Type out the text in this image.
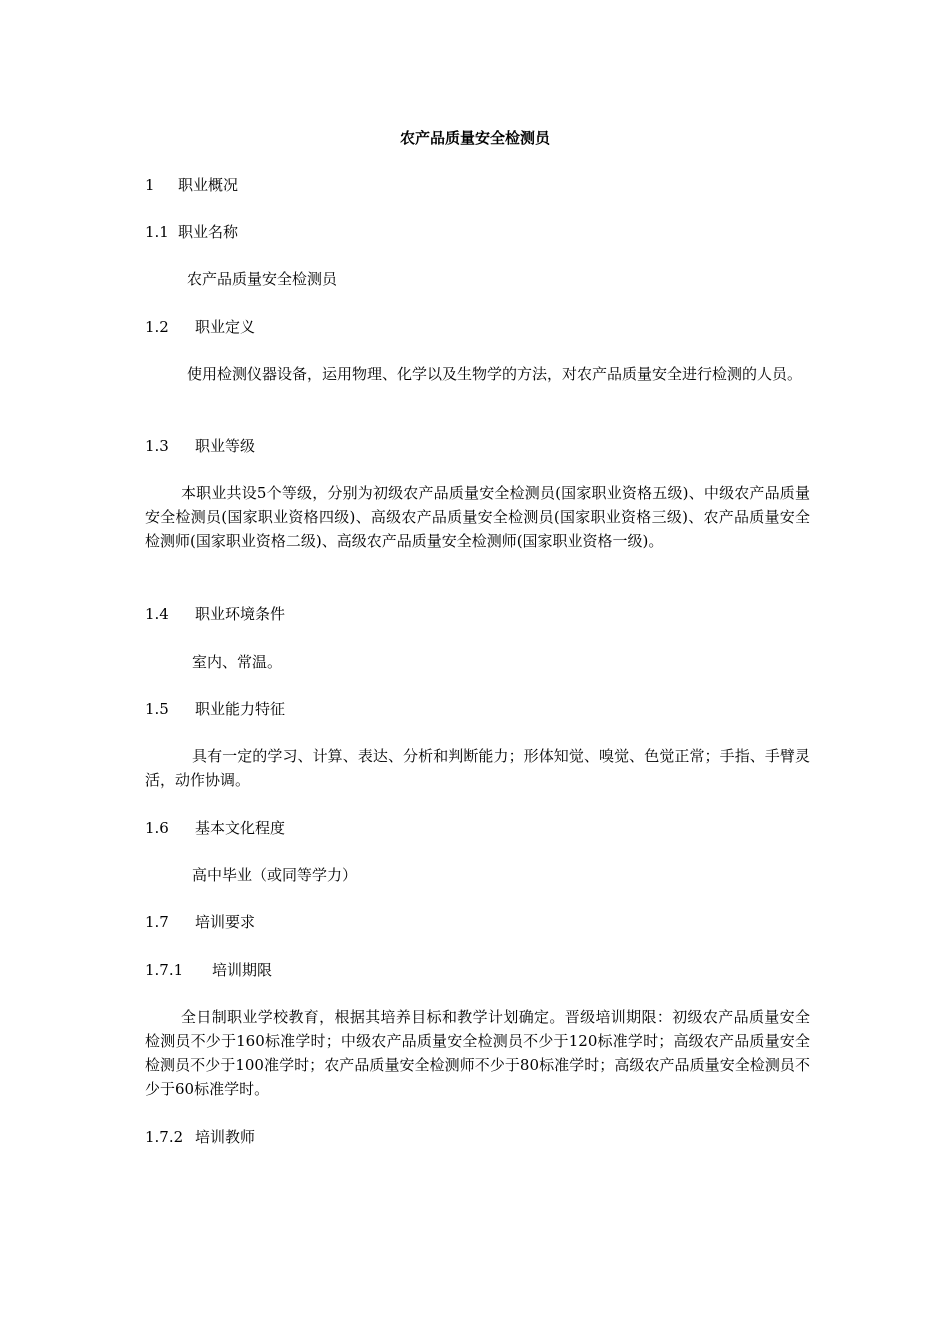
农产品质量安全检测员

1 职业概况

1.1 职业名称

农产品质量安全检测员

1.2 职业定义

使用检测仪器设备，运用物理、化学以及生物学的方法，对农产品质量安全进行检测的人员。

1.3 职业等级

本职业共设5个等级，分别为初级农产品质量安全检测员(国家职业资格五级)、中级农产品质量安全检测员(国家职业资格四级)、高级农产品质量安全检测员(国家职业资格三级)、农产品质量安全检测师(国家职业资格二级)、高级农产品质量安全检测师(国家职业资格一级)。

1.4 职业环境条件

室内、常温。

1.5 职业能力特征

具有一定的学习、计算、表达、分析和判断能力；形体知觉、嗅觉、色觉正常；手指、手臂灵活，动作协调。

1.6 基本文化程度

高中毕业（或同等学力）

1.7 培训要求

1.7.1 培训期限

全日制职业学校教育，根据其培养目标和教学计划确定。晋级培训期限：初级农产品质量安全检测员不少于160标准学时；中级农产品质量安全检测员不少于120标准学时；高级农产品质量安全检测员不少于100准学时；农产品质量安全检测师不少于80标准学时；高级农产品质量安全检测员不少于60标准学时。

1.7.2 培训教师
